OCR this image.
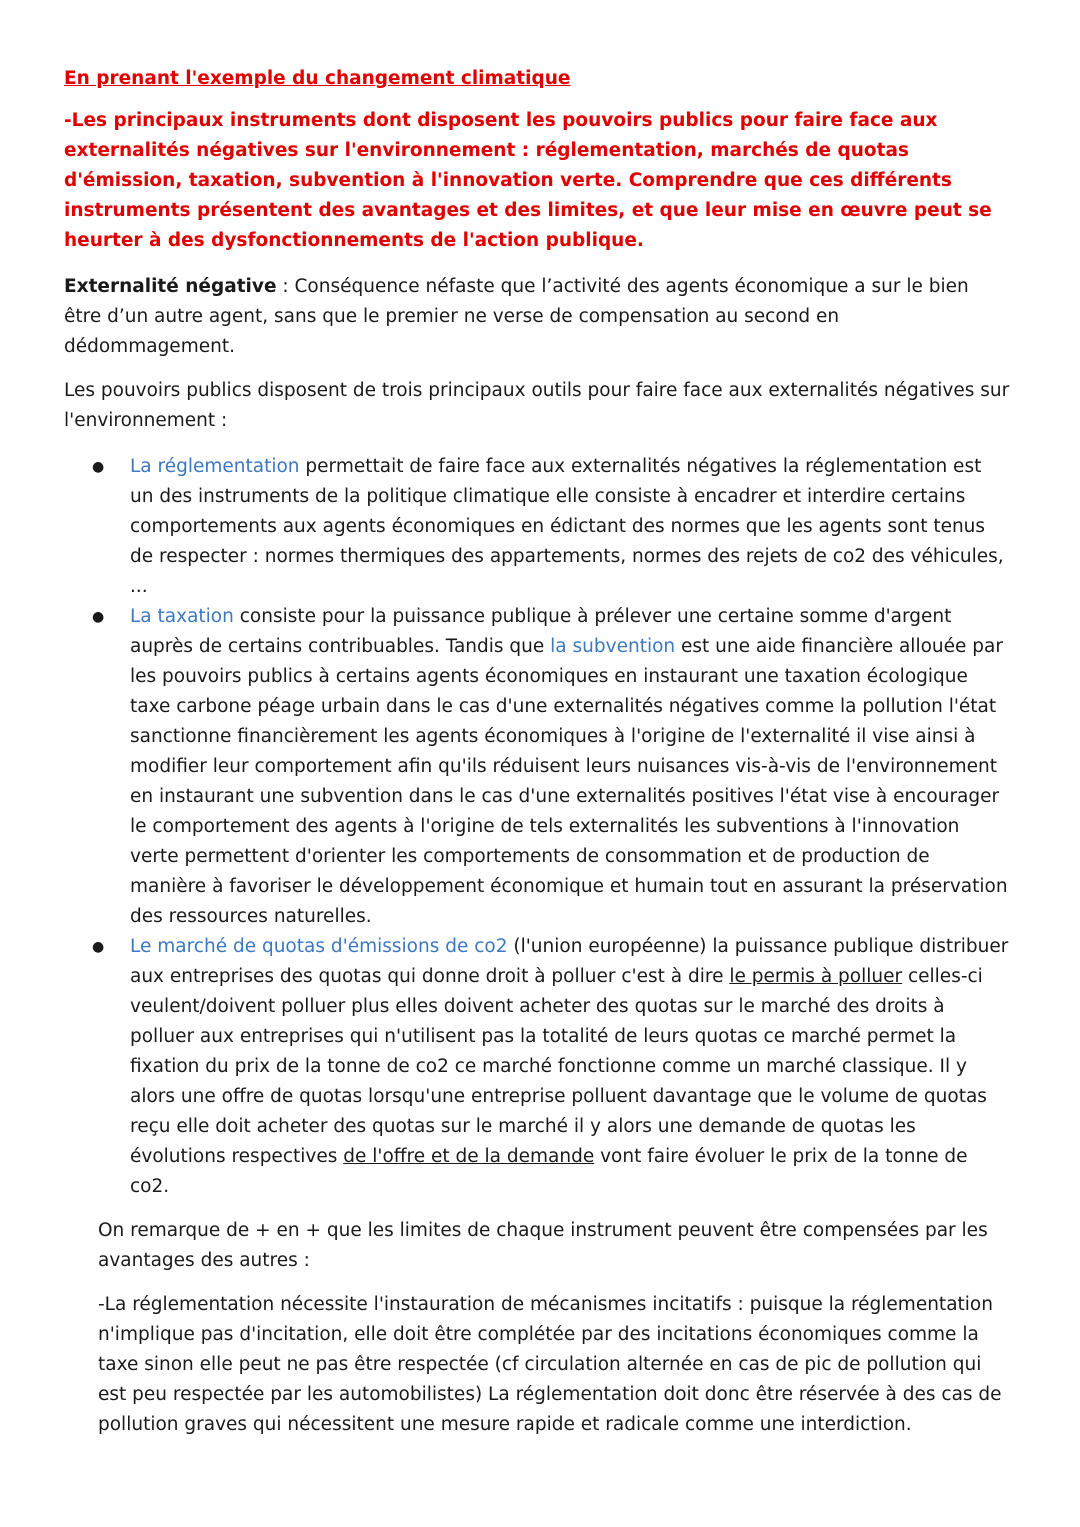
En prenant l'exemple du changement climatique

-Les principaux instruments dont disposent les pouvoirs publics pour faire face aux externalités négatives sur l'environnement : réglementation, marchés de quotas d'émission, taxation, subvention à l'innovation verte. Comprendre que ces différents instruments présentent des avantages et des limites, et que leur mise en œuvre peut se heurter à des dysfonctionnements de l'action publique.

Externalité négative : Conséquence néfaste que l’activité des agents économique a sur le bien être d’un autre agent, sans que le premier ne verse de compensation au second en dédommagement.

Les pouvoirs publics disposent de trois principaux outils pour faire face aux externalités négatives sur l'environnement :

● La réglementation permettait de faire face aux externalités négatives la réglementation est un des instruments de la politique climatique elle consiste à encadrer et interdire certains comportements aux agents économiques en édictant des normes que les agents sont tenus de respecter : normes thermiques des appartements, normes des rejets de co2 des véhicules, ...
● La taxation consiste pour la puissance publique à prélever une certaine somme d'argent auprès de certains contribuables. Tandis que la subvention est une aide financière allouée par les pouvoirs publics à certains agents économiques en instaurant une taxation écologique taxe carbone péage urbain dans le cas d'une externalités négatives comme la pollution l'état sanctionne financièrement les agents économiques à l'origine de l'externalité il vise ainsi à modifier leur comportement afin qu'ils réduisent leurs nuisances vis-à-vis de l'environnement en instaurant une subvention dans le cas d'une externalités positives l'état vise à encourager le comportement des agents à l'origine de tels externalités les subventions à l'innovation verte permettent d'orienter les comportements de consommation et de production de manière à favoriser le développement économique et humain tout en assurant la préservation des ressources naturelles.
● Le marché de quotas d'émissions de co2 (l'union européenne) la puissance publique distribuer aux entreprises des quotas qui donne droit à polluer c'est à dire le permis à polluer celles-ci veulent/doivent polluer plus elles doivent acheter des quotas sur le marché des droits à polluer aux entreprises qui n'utilisent pas la totalité de leurs quotas ce marché permet la fixation du prix de la tonne de co2 ce marché fonctionne comme un marché classique. Il y alors une offre de quotas lorsqu'une entreprise polluent davantage que le volume de quotas reçu elle doit acheter des quotas sur le marché il y alors une demande de quotas les évolutions respectives de l'offre et de la demande vont faire évoluer le prix de la tonne de co2.

On remarque de + en + que les limites de chaque instrument peuvent être compensées par les avantages des autres :

-La réglementation nécessite l'instauration de mécanismes incitatifs : puisque la réglementation n'implique pas d'incitation, elle doit être complétée par des incitations économiques comme la taxe sinon elle peut ne pas être respectée (cf circulation alternée en cas de pic de pollution qui est peu respectée par les automobilistes) La réglementation doit donc être réservée à des cas de pollution graves qui nécessitent une mesure rapide et radicale comme une interdiction.
